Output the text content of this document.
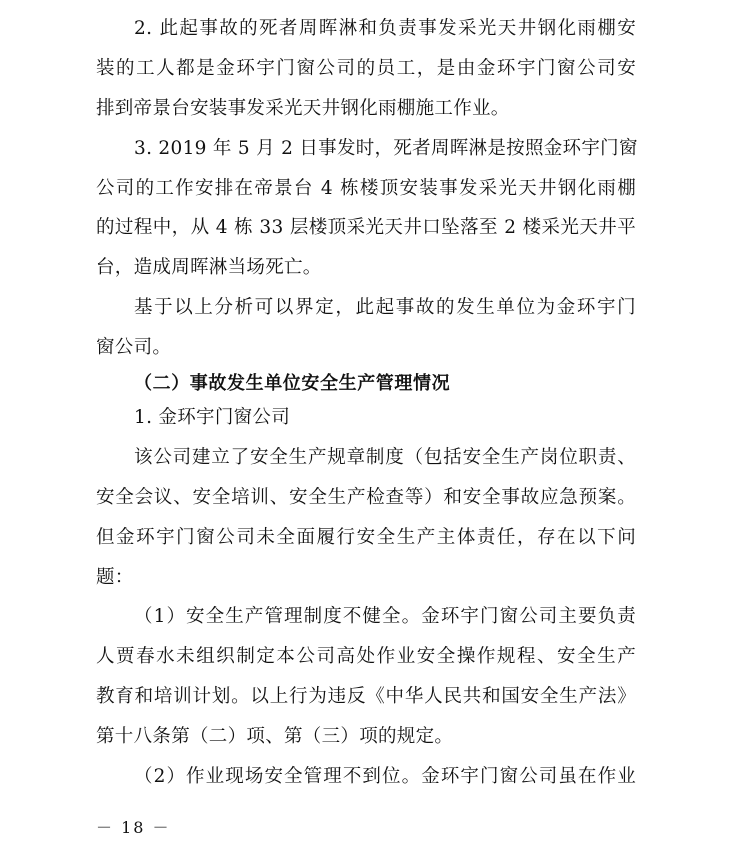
2. 此起事故的死者周晖淋和负责事发采光天井钢化雨棚安
装的工人都是金环宇门窗公司的员工，是由金环宇门窗公司安
排到帝景台安装事发采光天井钢化雨棚施工作业。
3. 2019 年 5 月 2 日事发时，死者周晖淋是按照金环宇门窗
公司的工作安排在帝景台 4 栋楼顶安装事发采光天井钢化雨棚
的过程中，从 4 栋 33 层楼顶采光天井口坠落至 2 楼采光天井平
台，造成周晖淋当场死亡。
基于以上分析可以界定，此起事故的发生单位为金环宇门
窗公司。
（二）事故发生单位安全生产管理情况
1. 金环宇门窗公司
该公司建立了安全生产规章制度（包括安全生产岗位职责、
安全会议、安全培训、安全生产检查等）和安全事故应急预案。
但金环宇门窗公司未全面履行安全生产主体责任，存在以下问
题：
（1）安全生产管理制度不健全。金环宇门窗公司主要负责
人贾春水未组织制定本公司高处作业安全操作规程、安全生产
教育和培训计划。以上行为违反《中华人民共和国安全生产法》
第十八条第（二）项、第（三）项的规定。
（2）作业现场安全管理不到位。金环宇门窗公司虽在作业
－ 18 －
